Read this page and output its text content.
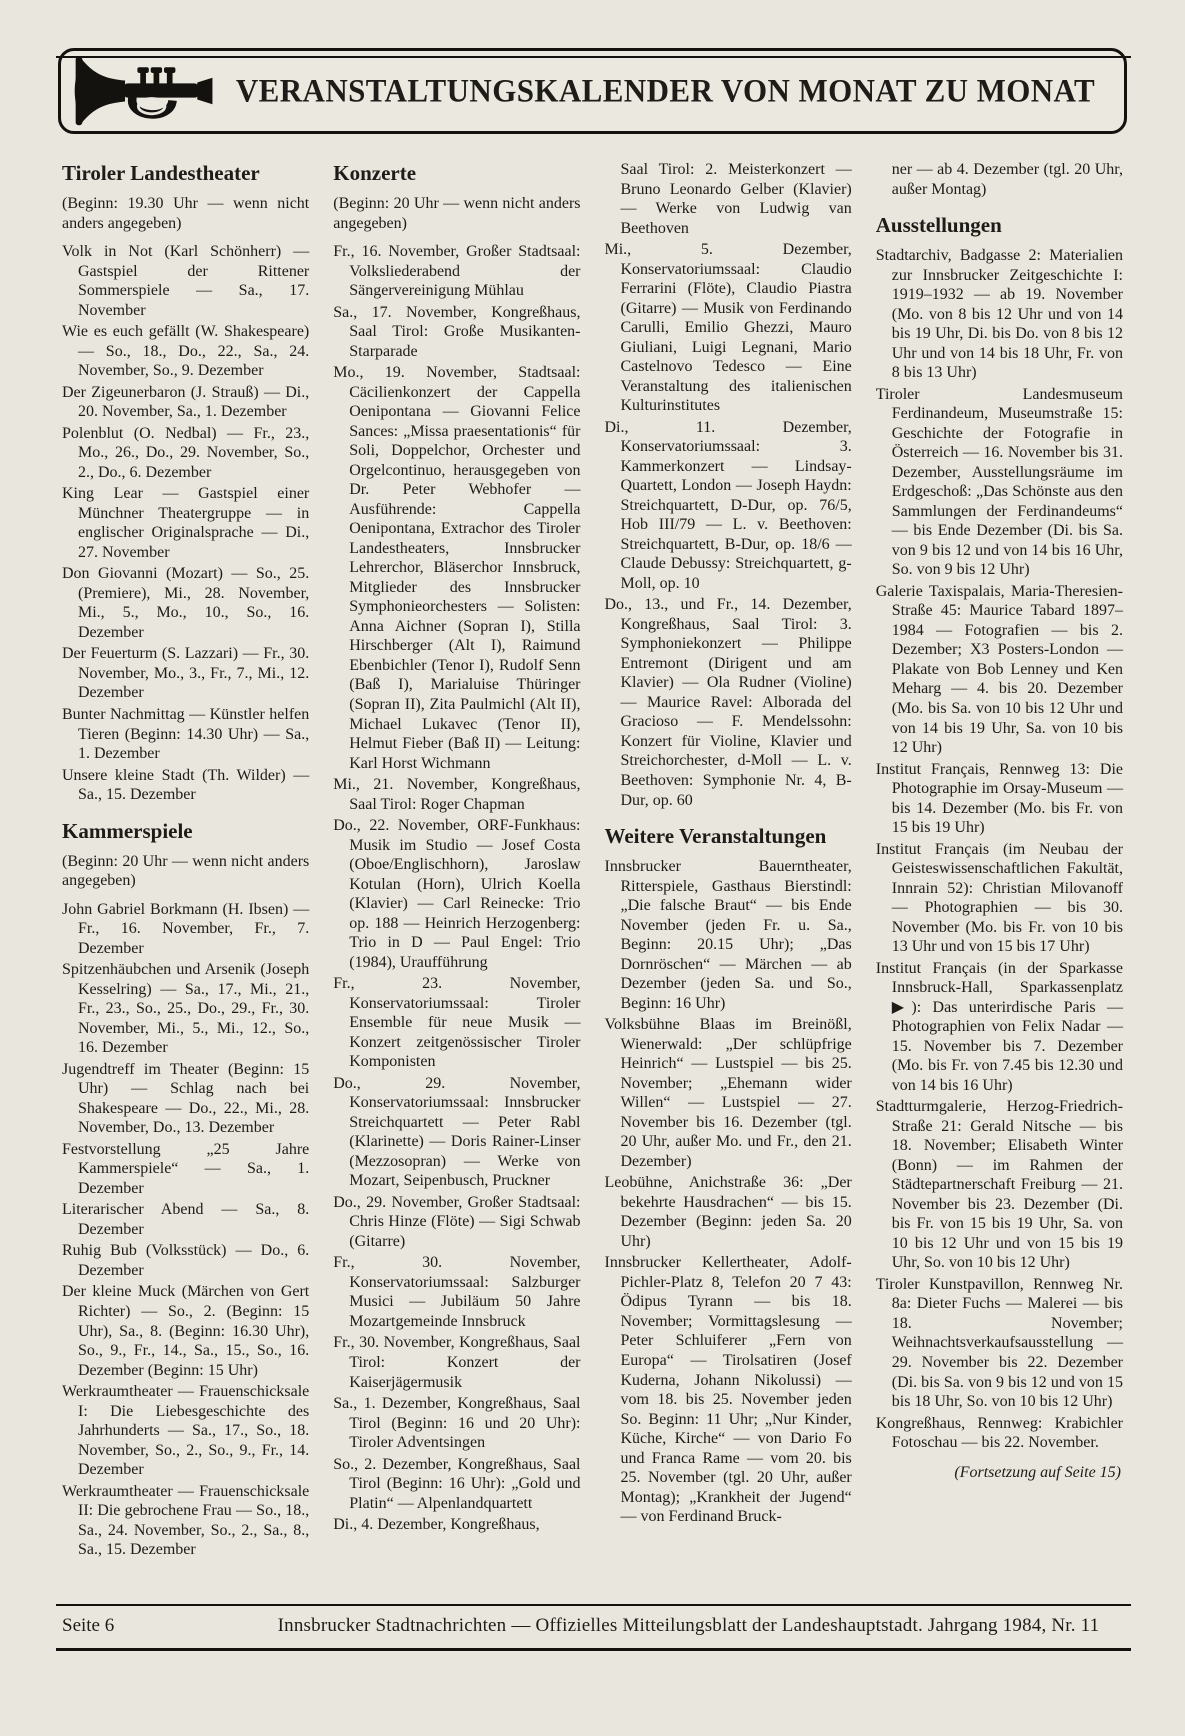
VERANSTALTUNGSKALENDER VON MONAT ZU MONAT
Tiroler Landestheater
(Beginn: 19.30 Uhr — wenn nicht anders angegeben)
Volk in Not (Karl Schönherr) — Gastspiel der Rittener Sommerspiele — Sa., 17. November
Wie es euch gefällt (W. Shakespeare) — So., 18., Do., 22., Sa., 24. November, So., 9. Dezember
Der Zigeunerbaron (J. Strauß) — Di., 20. November, Sa., 1. Dezember
Polenblut (O. Nedbal) — Fr., 23., Mo., 26., Do., 29. November, So., 2., Do., 6. Dezember
King Lear — Gastspiel einer Münchner Theatergruppe — in englischer Originalsprache — Di., 27. November
Don Giovanni (Mozart) — So., 25. (Premiere), Mi., 28. November, Mi., 5., Mo., 10., So., 16. Dezember
Der Feuerturm (S. Lazzari) — Fr., 30. November, Mo., 3., Fr., 7., Mi., 12. Dezember
Bunter Nachmittag — Künstler helfen Tieren (Beginn: 14.30 Uhr) — Sa., 1. Dezember
Unsere kleine Stadt (Th. Wilder) — Sa., 15. Dezember
Kammerspiele
(Beginn: 20 Uhr — wenn nicht anders angegeben)
John Gabriel Borkmann (H. Ibsen) — Fr., 16. November, Fr., 7. Dezember
Spitzenhäubchen und Arsenik (Joseph Kesselring) — Sa., 17., Mi., 21., Fr., 23., So., 25., Do., 29., Fr., 30. November, Mi., 5., Mi., 12., So., 16. Dezember
Jugendtreff im Theater (Beginn: 15 Uhr) — Schlag nach bei Shakespeare — Do., 22., Mi., 28. November, Do., 13. Dezember
Festvorstellung „25 Jahre Kammerspiele“ — Sa., 1. Dezember
Literarischer Abend — Sa., 8. Dezember
Ruhig Bub (Volksstück) — Do., 6. Dezember
Der kleine Muck (Märchen von Gert Richter) — So., 2. (Beginn: 15 Uhr), Sa., 8. (Beginn: 16.30 Uhr), So., 9., Fr., 14., Sa., 15., So., 16. Dezember (Beginn: 15 Uhr)
Werkraumtheater — Frauenschicksale I: Die Liebesgeschichte des Jahrhunderts — Sa., 17., So., 18. November, So., 2., So., 9., Fr., 14. Dezember
Werkraumtheater — Frauenschicksale II: Die gebrochene Frau — So., 18., Sa., 24. November, So., 2., Sa., 8., Sa., 15. Dezember
Konzerte
(Beginn: 20 Uhr — wenn nicht anders angegeben)
Fr., 16. November, Großer Stadtsaal: Volksliederabend der Sängervereinigung Mühlau
Sa., 17. November, Kongreßhaus, Saal Tirol: Große Musikanten-Starparade
Mo., 19. November, Stadtsaal: Cäcilienkonzert der Cappella Oenipontana — Giovanni Felice Sances: „Missa praesentationis“ für Soli, Doppelchor, Orchester und Orgelcontinuo, herausgegeben von Dr. Peter Webhofer — Ausführende: Cappella Oenipontana, Extrachor des Tiroler Landestheaters, Innsbrucker Lehrerchor, Bläserchor Innsbruck, Mitglieder des Innsbrucker Symphonieorchesters — Solisten: Anna Aichner (Sopran I), Stilla Hirschberger (Alt I), Raimund Ebenbichler (Tenor I), Rudolf Senn (Baß I), Marialuise Thüringer (Sopran II), Zita Paulmichl (Alt II), Michael Lukavec (Tenor II), Helmut Fieber (Baß II) — Leitung: Karl Horst Wichmann
Mi., 21. November, Kongreßhaus, Saal Tirol: Roger Chapman
Do., 22. November, ORF-Funkhaus: Musik im Studio — Josef Costa (Oboe/Englischhorn), Jaroslaw Kotulan (Horn), Ulrich Koella (Klavier) — Carl Reinecke: Trio op. 188 — Heinrich Herzogenberg: Trio in D — Paul Engel: Trio (1984), Uraufführung
Fr., 23. November, Konservatoriumssaal: Tiroler Ensemble für neue Musik — Konzert zeitgenössischer Tiroler Komponisten
Do., 29. November, Konservatoriumssaal: Innsbrucker Streichquartett — Peter Rabl (Klarinette) — Doris Rainer-Linser (Mezzosopran) — Werke von Mozart, Seipenbusch, Pruckner
Do., 29. November, Großer Stadtsaal: Chris Hinze (Flöte) — Sigi Schwab (Gitarre)
Fr., 30. November, Konservatoriumssaal: Salzburger Musici — Jubiläum 50 Jahre Mozartgemeinde Innsbruck
Fr., 30. November, Kongreßhaus, Saal Tirol: Konzert der Kaiserjägermusik
Sa., 1. Dezember, Kongreßhaus, Saal Tirol (Beginn: 16 und 20 Uhr): Tiroler Adventsingen
So., 2. Dezember, Kongreßhaus, Saal Tirol (Beginn: 16 Uhr): „Gold und Platin“ — Alpenlandquartett
Di., 4. Dezember, Kongreßhaus,
Saal Tirol: 2. Meisterkonzert — Bruno Leonardo Gelber (Klavier) — Werke von Ludwig van Beethoven
Mi., 5. Dezember, Konservatoriumssaal: Claudio Ferrarini (Flöte), Claudio Piastra (Gitarre) — Musik von Ferdinando Carulli, Emilio Ghezzi, Mauro Giuliani, Luigi Legnani, Mario Castelnovo Tedesco — Eine Veranstaltung des italienischen Kulturinstitutes
Di., 11. Dezember, Konservatoriumssaal: 3. Kammerkonzert — Lindsay-Quartett, London — Joseph Haydn: Streichquartett, D-Dur, op. 76/5, Hob III/79 — L. v. Beethoven: Streichquartett, B-Dur, op. 18/6 — Claude Debussy: Streichquartett, g-Moll, op. 10
Do., 13., und Fr., 14. Dezember, Kongreßhaus, Saal Tirol: 3. Symphoniekonzert — Philippe Entremont (Dirigent und am Klavier) — Ola Rudner (Violine) — Maurice Ravel: Alborada del Gracioso — F. Mendelssohn: Konzert für Violine, Klavier und Streichorchester, d-Moll — L. v. Beethoven: Symphonie Nr. 4, B-Dur, op. 60
Weitere Veranstaltungen
Innsbrucker Bauerntheater, Ritterspiele, Gasthaus Bierstindl: „Die falsche Braut“ — bis Ende November (jeden Fr. u. Sa., Beginn: 20.15 Uhr); „Das Dornröschen“ — Märchen — ab Dezember (jeden Sa. und So., Beginn: 16 Uhr)
Volksbühne Blaas im Breinößl, Wienerwald: „Der schlüpfrige Heinrich“ — Lustspiel — bis 25. November; „Ehemann wider Willen“ — Lustspiel — 27. November bis 16. Dezember (tgl. 20 Uhr, außer Mo. und Fr., den 21. Dezember)
Leobühne, Anichstraße 36: „Der bekehrte Hausdrachen“ — bis 15. Dezember (Beginn: jeden Sa. 20 Uhr)
Innsbrucker Kellertheater, Adolf-Pichler-Platz 8, Telefon 20 7 43: Ödipus Tyrann — bis 18. November; Vormittagslesung — Peter Schluiferer „Fern von Europa“ — Tirolsatiren (Josef Kuderna, Johann Nikolussi) — vom 18. bis 25. November jeden So. Beginn: 11 Uhr; „Nur Kinder, Küche, Kirche“ — von Dario Fo und Franca Rame — vom 20. bis 25. November (tgl. 20 Uhr, außer Montag); „Krankheit der Jugend“ — von Ferdinand Bruck-
ner — ab 4. Dezember (tgl. 20 Uhr, außer Montag)
Ausstellungen
Stadtarchiv, Badgasse 2: Materialien zur Innsbrucker Zeitgeschichte I: 1919–1932 — ab 19. November (Mo. von 8 bis 12 Uhr und von 14 bis 19 Uhr, Di. bis Do. von 8 bis 12 Uhr und von 14 bis 18 Uhr, Fr. von 8 bis 13 Uhr)
Tiroler Landesmuseum Ferdinandeum, Museumstraße 15: Geschichte der Fotografie in Österreich — 16. November bis 31. Dezember, Ausstellungsräume im Erdgeschoß: „Das Schönste aus den Sammlungen der Ferdinandeums“ — bis Ende Dezember (Di. bis Sa. von 9 bis 12 und von 14 bis 16 Uhr, So. von 9 bis 12 Uhr)
Galerie Taxispalais, Maria-Theresien-Straße 45: Maurice Tabard 1897–1984 — Fotografien — bis 2. Dezember; X3 Posters-London — Plakate von Bob Lenney und Ken Meharg — 4. bis 20. Dezember (Mo. bis Sa. von 10 bis 12 Uhr und von 14 bis 19 Uhr, Sa. von 10 bis 12 Uhr)
Institut Français, Rennweg 13: Die Photographie im Orsay-Museum — bis 14. Dezember (Mo. bis Fr. von 15 bis 19 Uhr)
Institut Français (im Neubau der Geisteswissenschaftlichen Fakultät, Innrain 52): Christian Milovanoff — Photographien — bis 30. November (Mo. bis Fr. von 10 bis 13 Uhr und von 15 bis 17 Uhr)
Institut Français (in der Sparkasse Innsbruck-Hall, Sparkassenplatz ▶): Das unterirdische Paris — Photographien von Felix Nadar — 15. November bis 7. Dezember (Mo. bis Fr. von 7.45 bis 12.30 und von 14 bis 16 Uhr)
Stadtturmgalerie, Herzog-Friedrich-Straße 21: Gerald Nitsche — bis 18. November; Elisabeth Winter (Bonn) — im Rahmen der Städtepartnerschaft Freiburg — 21. November bis 23. Dezember (Di. bis Fr. von 15 bis 19 Uhr, Sa. von 10 bis 12 Uhr und von 15 bis 19 Uhr, So. von 10 bis 12 Uhr)
Tiroler Kunstpavillon, Rennweg Nr. 8a: Dieter Fuchs — Malerei — bis 18. November; Weihnachtsverkaufsausstellung — 29. November bis 22. Dezember (Di. bis Sa. von 9 bis 12 und von 15 bis 18 Uhr, So. von 10 bis 12 Uhr)
Kongreßhaus, Rennweg: Krabichler Fotoschau — bis 22. November.
(Fortsetzung auf Seite 15)
Seite 6	Innsbrucker Stadtnachrichten — Offizielles Mitteilungsblatt der Landeshauptstadt. Jahrgang 1984, Nr. 11
